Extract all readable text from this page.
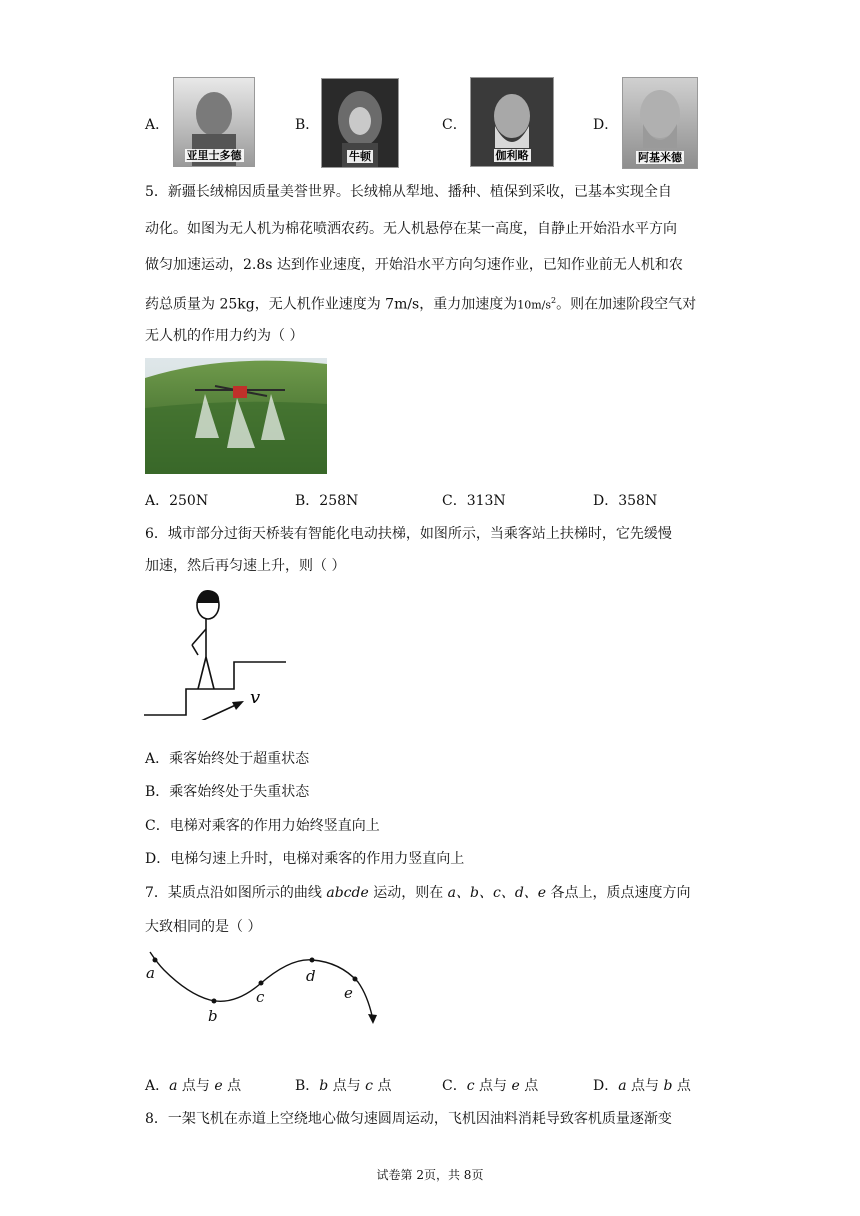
A．
亚里士多德
B．
牛顿
C．
伽利略
D．
阿基米德
5．新疆长绒棉因质量美誉世界。长绒棉从犁地、播种、植保到采收，已基本实现全自
动化。如图为无人机为棉花喷洒农药。无人机悬停在某一高度，自静止开始沿水平方向
做匀加速运动，2.8s 达到作业速度，开始沿水平方向匀速作业，已知作业前无人机和农
药总质量为 25kg，无人机作业速度为 7m/s，重力加速度为$10m/s^2$。则在加速阶段空气对
无人机的作用力约为（ ）
A．250N	B．258N	C．313N	D．358N
6．城市部分过街天桥装有智能化电动扶梯，如图所示，当乘客站上扶梯时，它先缓慢
加速，然后再匀速上升，则（ ）
v
A．乘客始终处于超重状态
B．乘客始终处于失重状态
C．电梯对乘客的作用力始终竖直向上
D．电梯匀速上升时，电梯对乘客的作用力竖直向上
7．某质点沿如图所示的曲线 abcde 运动，则在 a、b、c、d、e 各点上，质点速度方向
大致相同的是（ ）
a
b
c
d
e
A．a 点与 e 点	B．b 点与 c 点	C．c 点与 e 点	D．a 点与 b 点
8．一架飞机在赤道上空绕地心做匀速圆周运动，飞机因油料消耗导致客机质量逐渐变
试卷第 2页，共 8页
